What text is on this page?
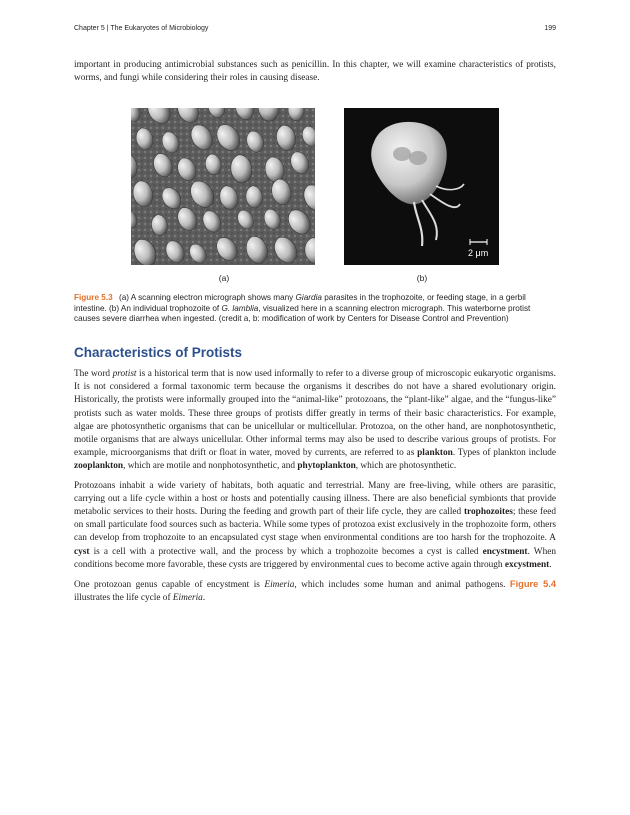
Chapter 5 | The Eukaryotes of Microbiology	199

important in producing antimicrobial substances such as penicillin. In this chapter, we will examine characteristics of protists, worms, and fungi while considering their roles in causing disease.

2 μm
(a)	(b)

Figure 5.3 (a) A scanning electron micrograph shows many Giardia parasites in the trophozoite, or feeding stage, in a gerbil intestine. (b) An individual trophozoite of G. lamblia, visualized here in a scanning electron micrograph. This waterborne protist causes severe diarrhea when ingested. (credit a, b: modification of work by Centers for Disease Control and Prevention)

Characteristics of Protists

The word protist is a historical term that is now used informally to refer to a diverse group of microscopic eukaryotic organisms. It is not considered a formal taxonomic term because the organisms it describes do not have a shared evolutionary origin. Historically, the protists were informally grouped into the “animal-like” protozoans, the “plant-like” algae, and the “fungus-like” protists such as water molds. These three groups of protists differ greatly in terms of their basic characteristics. For example, algae are photosynthetic organisms that can be unicellular or multicellular. Protozoa, on the other hand, are nonphotosynthetic, motile organisms that are always unicellular. Other informal terms may also be used to describe various groups of protists. For example, microorganisms that drift or float in water, moved by currents, are referred to as plankton. Types of plankton include zooplankton, which are motile and nonphotosynthetic, and phytoplankton, which are photosynthetic.

Protozoans inhabit a wide variety of habitats, both aquatic and terrestrial. Many are free-living, while others are parasitic, carrying out a life cycle within a host or hosts and potentially causing illness. There are also beneficial symbionts that provide metabolic services to their hosts. During the feeding and growth part of their life cycle, they are called trophozoites; these feed on small particulate food sources such as bacteria. While some types of protozoa exist exclusively in the trophozoite form, others can develop from trophozoite to an encapsulated cyst stage when environmental conditions are too harsh for the trophozoite. A cyst is a cell with a protective wall, and the process by which a trophozoite becomes a cyst is called encystment. When conditions become more favorable, these cysts are triggered by environmental cues to become active again through excystment.

One protozoan genus capable of encystment is Eimeria, which includes some human and animal pathogens. Figure 5.4 illustrates the life cycle of Eimeria.
